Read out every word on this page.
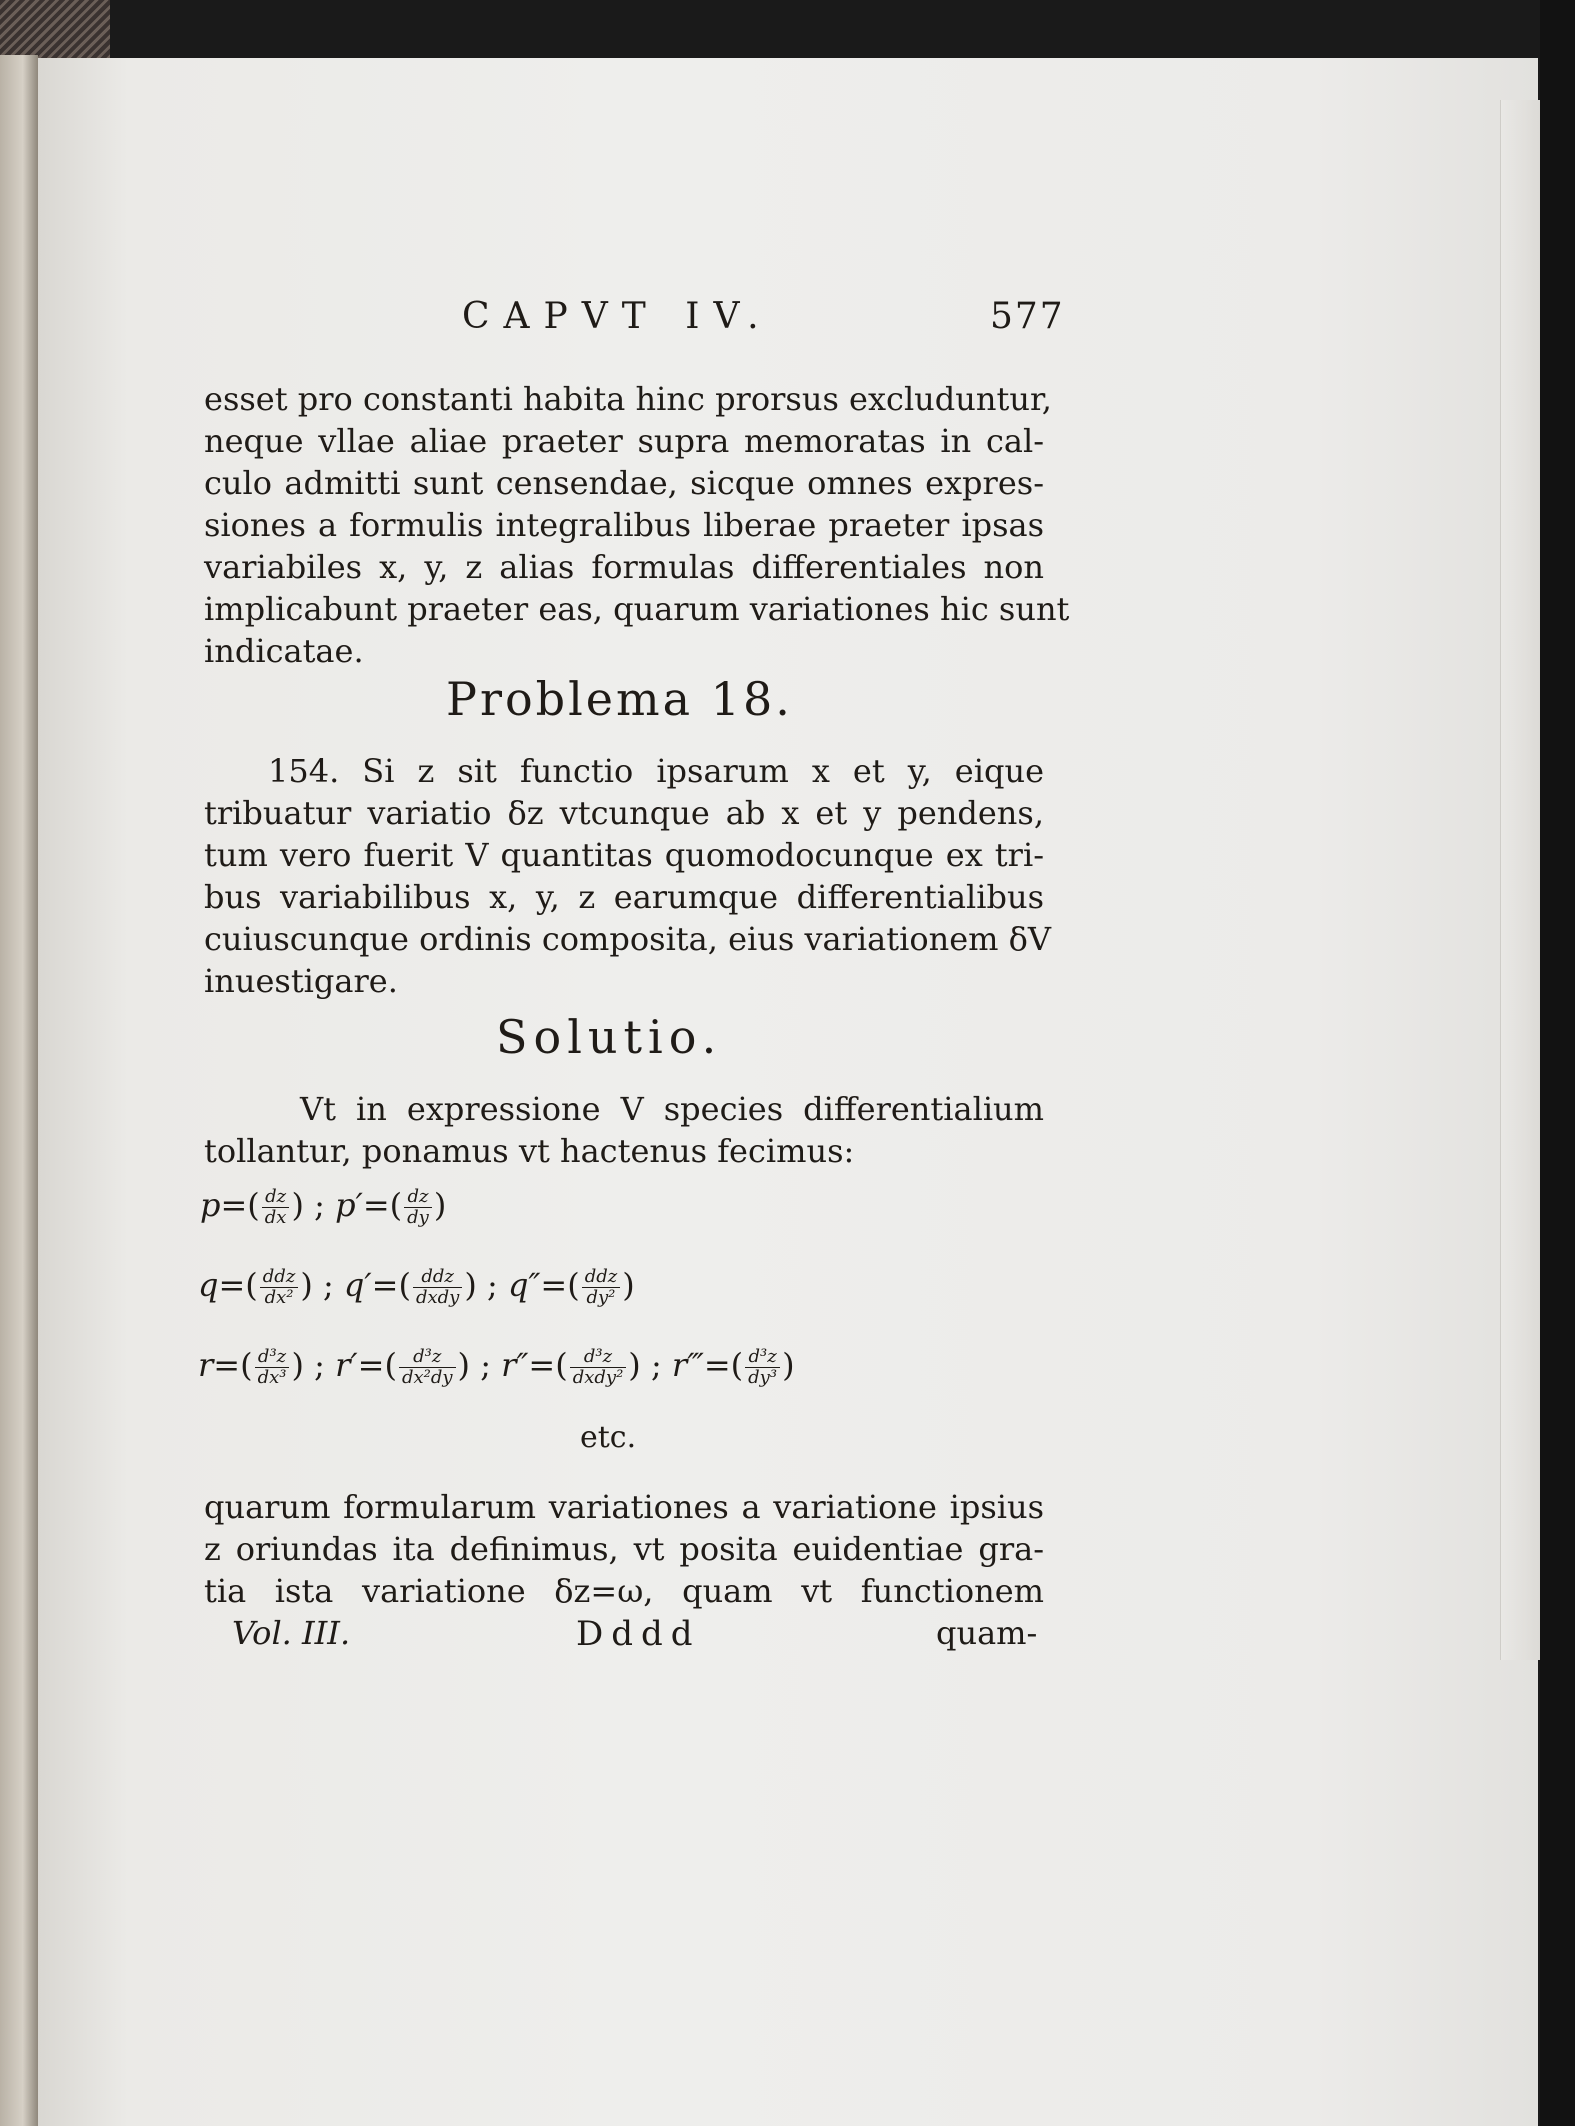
CAPVT IV.	577
esset pro constanti habita hinc prorsus excluduntur,
neque vllae aliae praeter supra memoratas in cal-
culo admitti sunt censendae, sicque omnes expres-
siones a formulis integralibus liberae praeter ipsas
variabiles x, y, z alias formulas differentiales non
implicabunt praeter eas, quarum variationes hic sunt
indicatae.
Problema 18.
154. Si z sit functio ipsarum x et y, eique
tribuatur variatio δz vtcunque ab x et y pendens,
tum vero fuerit V quantitas quomodocunque ex tri-
bus variabilibus x, y, z earumque differentialibus
cuiuscunque ordinis composita, eius variationem δV
inuestigare.
Solutio.
Vt in expressione V species differentialium
tollantur, ponamus vt hactenus fecimus:
$p=( \frac{dz}{dx}$ ) ; $p'=( \frac{dz}{dy}$ )
$q=( \frac{\text{ddz}}{\text{dx²}}$ ) ; $q'=( \frac{\text{ddz}}{\text{dxdy}}$ ) ; $q''=( \frac{\text{ddz}}{\text{dy²}}$ )
$r=( \frac{\text{d³z}}{\text{dx³}}$ ) ; $r'=( \frac{\text{d³z}}{\text{dx²dy}}$ ) ; $r''=( \frac{\text{d³z}}{\text{dxdy²}}$ ) ; r‴=( $\frac{\text{d³z}}{\text{dy³}}$ )
etc.
quarum formularum variationes a variatione ipsius
z oriundas ita definimus, vt posita euidentiae gra-
tia ista variatione δz=ω, quam vt functionem
Vol. III.	Dddd	quam-
